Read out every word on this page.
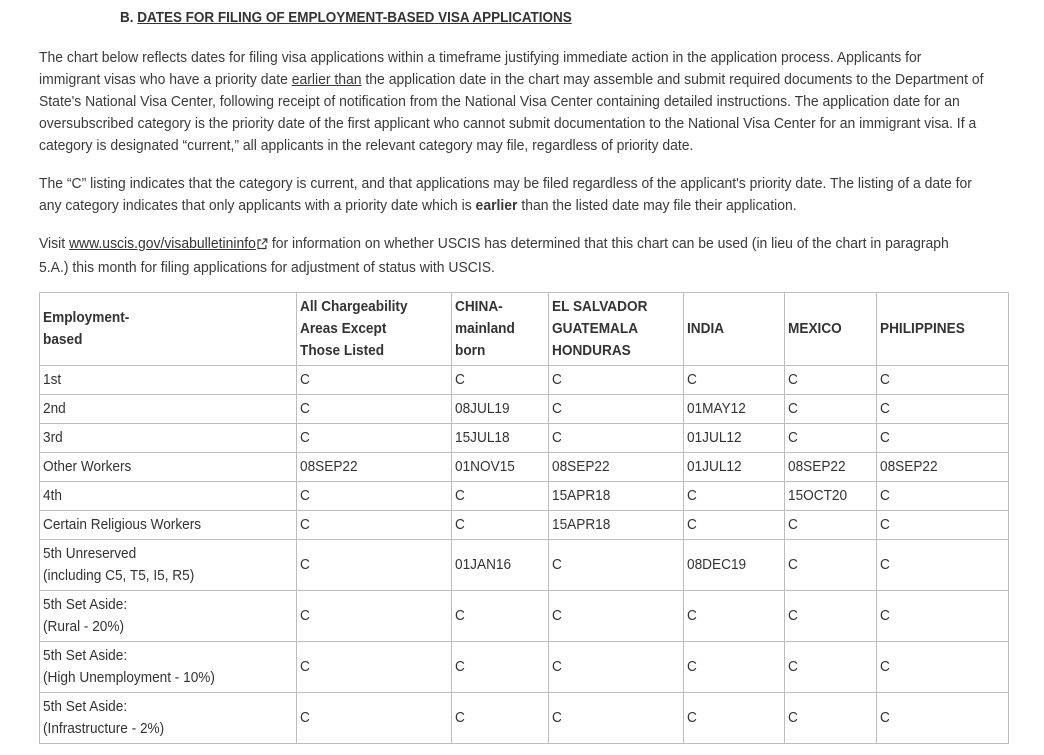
B. DATES FOR FILING OF EMPLOYMENT-BASED VISA APPLICATIONS

The chart below reflects dates for filing visa applications within a timeframe justifying immediate action in the application process. Applicants for
immigrant visas who have a priority date earlier than the application date in the chart may assemble and submit required documents to the Department of
State's National Visa Center, following receipt of notification from the National Visa Center containing detailed instructions. The application date for an
oversubscribed category is the priority date of the first applicant who cannot submit documentation to the National Visa Center for an immigrant visa. If a
category is designated “current,” all applicants in the relevant category may file, regardless of priority date.

The “C” listing indicates that the category is current, and that applications may be filed regardless of the applicant's priority date. The listing of a date for
any category indicates that only applicants with a priority date which is earlier than the listed date may file their application.

Visit www.uscis.gov/visabulletininfo for information on whether USCIS has determined that this chart can be used (in lieu of the chart in paragraph
5.A.) this month for filing applications for adjustment of status with USCIS.

Employment-
based	All Chargeability
Areas Except
Those Listed	CHINA-
mainland
born	EL SALVADOR
GUATEMALA
HONDURAS	INDIA	MEXICO	PHILIPPINES

1st	C	C	C	C	C	C

2nd	C	08JUL19	C	01MAY12	C	C

3rd	C	15JUL18	C	01JUL12	C	C

Other Workers	08SEP22	01NOV15	08SEP22	01JUL12	08SEP22	08SEP22

4th	C	C	15APR18	C	15OCT20	C

Certain Religious Workers	C	C	15APR18	C	C	C

5th Unreserved
(including C5, T5, I5, R5)	C	01JAN16	C	08DEC19	C	C

5th Set Aside:
(Rural - 20%)	C	C	C	C	C	C

5th Set Aside:
(High Unemployment - 10%)	C	C	C	C	C	C

5th Set Aside:
(Infrastructure - 2%)	C	C	C	C	C	C
